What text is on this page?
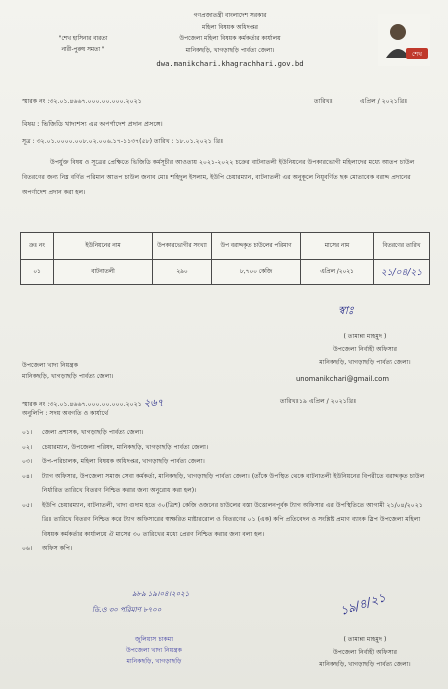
"শেখ হাসিনার বারতা
নারী-পুরুষ সমতা "
গণপ্রজাতন্ত্রী বাংলাদেশ সরকার
মহিলা বিষয়ক অধিদপ্তর
উপজেলা মহিলা বিষয়ক কর্মকর্তার কার্যালয়
মানিকছড়ি, খাগড়াছড়ি পার্বত্য জেলা।
dwa.manikchari.khagrachhari.gov.bd
শেখ
স্মারক নং :৩২.০১.৪৬৬৭.০০০.০০.০০০.২০২১	তারিখঃ	এপ্রিল / ২০২১খ্রিঃ
বিষয় : ভিজিডি খাদ্যশস্য এর অপর্ণাদেশ প্রদান প্রসঙ্গে।
সূত্র : ৩২.০১.০০০০.০০৮.০২.০০৬.১৭-১১৩৭(৫৮) তারিখ : ১৮.০১.২০২১ খ্রিঃ
উপর্যুক্ত বিষয় ও সূত্রের প্রেক্ষিতে ভিজিডি কর্মসূচীর আওতায় ২০২১-২০২২ চক্রের বাটনাতলী ইউনিয়নের উপকারভোগী মহিলাদের মধ্যে আতপ চাউল বিতরণের জন্য নিম্ন বর্ণিত পরিমান আতপ চাউল জনাব মোঃ শহিদুল ইসলাম, ইউপি চেয়ারম্যান, বাটনাতলী এর অনুকূলে নিয়ূবর্ণিত ছক মোতাবেক বরাদ্দ প্রদানের অপর্ণাদেশ প্রদান করা হল।
ক্রঃ নং	ইউনিয়নের নাম	উপকারভোগীর সংখ্যা	উপ বরাদ্দকৃত চাউলের পরিমাণ	মাসের নাম	বিতরণের তারিখ
০১	বাটনাতলী	২৯০	৮,৭০০ কেজি	এপ্রিল /২০২১	২১/০৪/২১
স্বাঃ
( তামান্না মাহমুদ )
উপজেলা নির্বাহী অফিসার
মানিকছড়ি, খাগড়াছড়ি পার্বত্য জেলা।
unomanikchari@gmail.com
উপজেলা খাদ্য নিয়ন্ত্রক
মানিকছড়ি, খাগড়াছড়ি পার্বত্য জেলা।
স্মারক নং :৩২.০১.৪৬৬৭.০০০.০০.০০০.২০২১ ২৬৭	তারিখঃ১৯ এপ্রিল / ২০২১খ্রিঃ
অনুলিপি : সদয় অবগতি ও কার্যার্থে
০১। জেলা প্রশাসক, খাগড়াছড়ি পার্বত্য জেলা।
০২। চেয়ারম্যান, উপজেলা পরিষদ, মানিকছড়ি, খাগড়াছড়ি পার্বত্য জেলা।
০৩। উপ-পরিচালক, মহিলা বিষয়ক অধিদপ্তর, খাগড়াছড়ি পার্বত্য জেলা।
০৪। ট্যাগ অফিসার, উপজেলা সমাজ সেবা কর্মকর্তা, মানিকছড়ি, খাগড়াছড়ি পার্বত্য জেলা। (তাঁকে উপস্থিত থেকে বাটনাতলী ইউনিয়নের বিপরীতে বরাদ্দকৃত চাউল নির্ধারিত তারিখে বিতরণ নিশ্চিত করার জন্য অনুরোধ করা হল)।
০৫। ইউপি চেয়ারম্যান, বাটনাতলী, খাদ্য গুদাম হতে ৩০(ত্রিশ) কেজি ওজনের চাউলের বস্তা উত্তোলনপূর্বক ট্যাগ অফিসার এর উপস্থিতিতে আগামী ২১/০৪/২০২১ খ্রিঃ তারিখে বিতরণ নিশ্চিত করে ট্যাগ অফিসারের স্বাক্ষরিত মাষ্টাররোল ও বিতরণের ০১ (এক) কপি প্রতিবেদন ও সংশ্লিষ্ট প্রমাণ ব্যাংক স্লিপ উপজেলা মহিলা বিষয়ক কর্মকর্তার কার্যালয়ে ঐ মাসের ৩০ তারিখের মধ্যে প্রেরণ নিশ্চিত করার জন্য বলা হল।
০৬। অফিস কপি।
৯৮৯ ১৯।০৪।২০২১
ডি.ও ৩০ পরিমাণ ৮৭০০
জুলিয়াস চাকমা
উপজেলা খাদ্য নিয়ন্ত্রক
মানিকছড়ি, খাগড়াছড়ি
১৯/৪/২১
( তামান্না মাহমুদ )
উপজেলা নির্বাহী অফিসার
মানিকছড়ি, খাগড়াছড়ি পার্বত্য জেলা।
